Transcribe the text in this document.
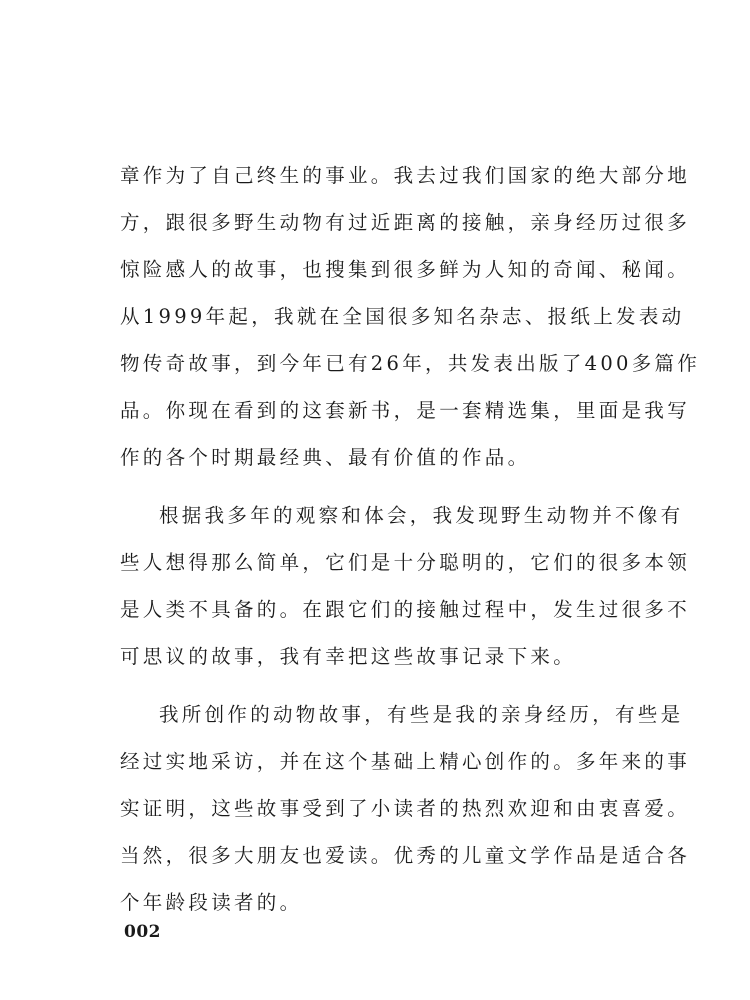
章作为了自己终生的事业。我去过我们国家的绝大部分地
方，跟很多野生动物有过近距离的接触，亲身经历过很多
惊险感人的故事，也搜集到很多鲜为人知的奇闻、秘闻。
从1999年起，我就在全国很多知名杂志、报纸上发表动
物传奇故事，到今年已有26年，共发表出版了400多篇作
品。你现在看到的这套新书，是一套精选集，里面是我写
作的各个时期最经典、最有价值的作品。
根据我多年的观察和体会，我发现野生动物并不像有
些人想得那么简单，它们是十分聪明的，它们的很多本领
是人类不具备的。在跟它们的接触过程中，发生过很多不
可思议的故事，我有幸把这些故事记录下来。
我所创作的动物故事，有些是我的亲身经历，有些是
经过实地采访，并在这个基础上精心创作的。多年来的事
实证明，这些故事受到了小读者的热烈欢迎和由衷喜爱。
当然，很多大朋友也爱读。优秀的儿童文学作品是适合各
个年龄段读者的。
002
